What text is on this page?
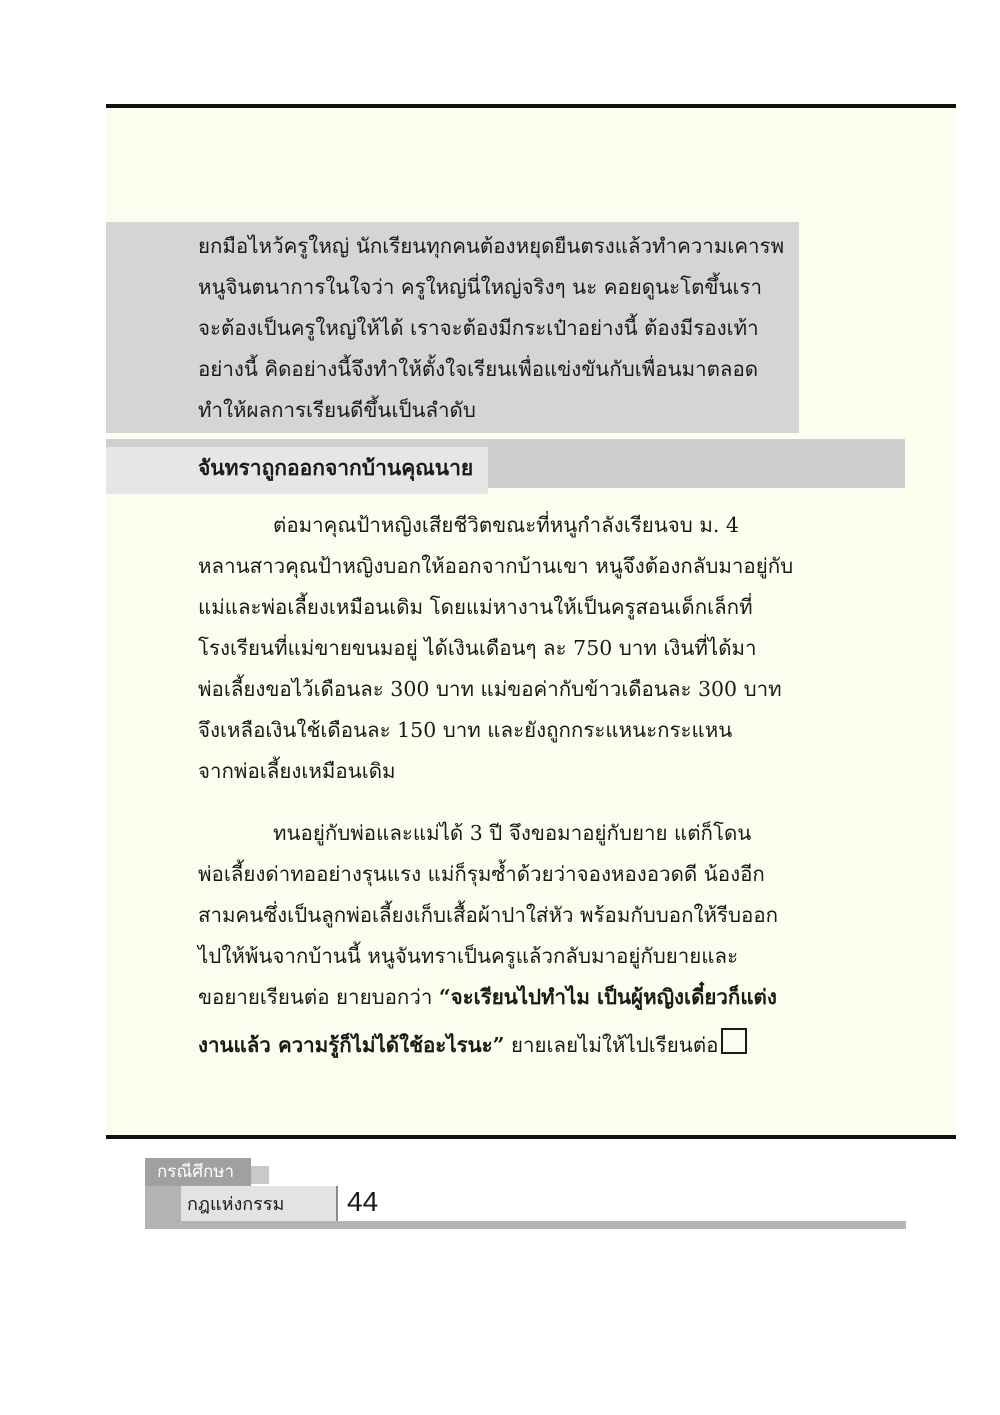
ยกมือไหว้ครูใหญ่ นักเรียนทุกคนต้องหยุดยืนตรงแล้วทำความเคารพ
หนูจินตนาการในใจว่า ครูใหญ่นี่ใหญ่จริงๆ นะ คอยดูนะโตขึ้นเรา
จะต้องเป็นครูใหญ่ให้ได้ เราจะต้องมีกระเป๋าอย่างนี้ ต้องมีรองเท้า
อย่างนี้ คิดอย่างนี้จึงทำให้ตั้งใจเรียนเพื่อแข่งขันกับเพื่อนมาตลอด
ทำให้ผลการเรียนดีขึ้นเป็นลำดับ
จันทราถูกออกจากบ้านคุณนาย
ต่อมาคุณป้าหญิงเสียชีวิตขณะที่หนูกำลังเรียนจบ ม. 4
หลานสาวคุณป้าหญิงบอกให้ออกจากบ้านเขา หนูจึงต้องกลับมาอยู่กับ
แม่และพ่อเลี้ยงเหมือนเดิม โดยแม่หางานให้เป็นครูสอนเด็กเล็กที่
โรงเรียนที่แม่ขายขนมอยู่ ได้เงินเดือนๆ ละ 750 บาท เงินที่ได้มา
พ่อเลี้ยงขอไว้เดือนละ 300 บาท แม่ขอค่ากับข้าวเดือนละ 300 บาท
จึงเหลือเงินใช้เดือนละ 150 บาท และยังถูกกระแหนะกระแหน
จากพ่อเลี้ยงเหมือนเดิม
ทนอยู่กับพ่อและแม่ได้ 3 ปี จึงขอมาอยู่กับยาย แต่ก็โดน
พ่อเลี้ยงด่าทออย่างรุนแรง แม่ก็รุมซ้ำด้วยว่าจองหองอวดดี น้องอีก
สามคนซึ่งเป็นลูกพ่อเลี้ยงเก็บเสื้อผ้าปาใส่หัว พร้อมกับบอกให้รีบออก
ไปให้พ้นจากบ้านนี้ หนูจันทราเป็นครูแล้วกลับมาอยู่กับยายและ
ขอยายเรียนต่อ ยายบอกว่า “จะเรียนไปทำไม เป็นผู้หญิงเดี๋ยวก็แต่ง
งานแล้ว ความรู้ก็ไม่ได้ใช้อะไรนะ” ยายเลยไม่ให้ไปเรียนต่อ
กรณีศึกษา
กฎแห่งกรรม	44
